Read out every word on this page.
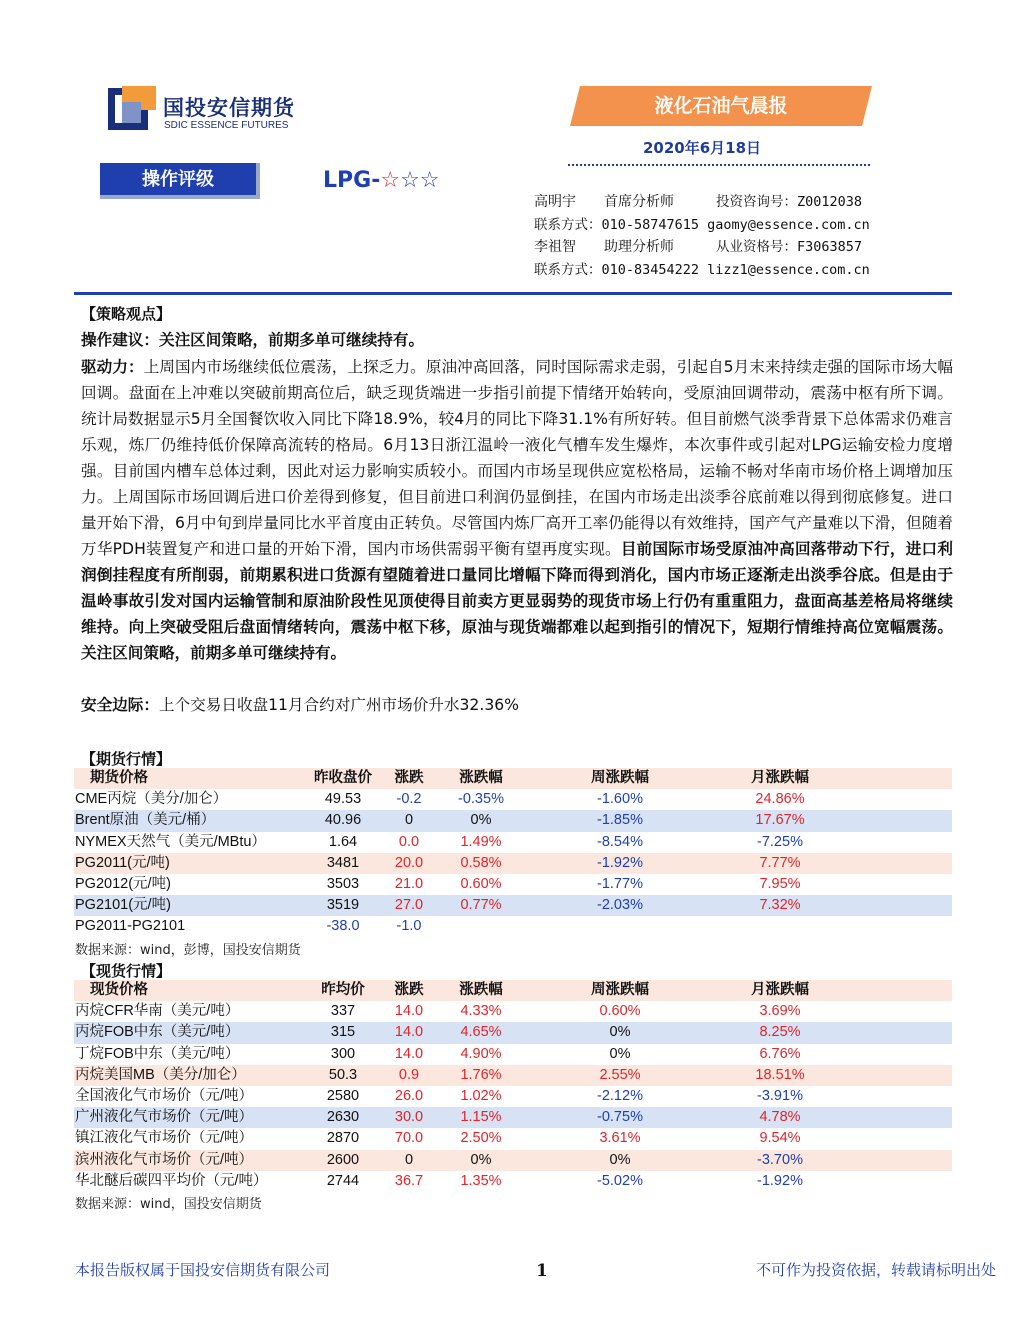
国投安信期货
SDIC ESSENCE FUTURES
液化石油气晨报
2020年6月18日
操作评级	LPG-☆☆☆
高明宇 首席分析师	投资咨询号：Z0012038
联系方式：010-58747615 gaomy@essence.com.cn
李祖智 助理分析师	从业资格号：F3063857
联系方式：010-83454222 lizz1@essence.com.cn
【策略观点】
操作建议：关注区间策略，前期多单可继续持有。
驱动力：上周国内市场继续低位震荡，上探乏力。原油冲高回落，同时国际需求走弱，引起自5月末来持续走强的国际市场大幅回调。盘面在上冲难以突破前期高位后，缺乏现货端进一步指引前提下情绪开始转向，受原油回调带动，震荡中枢有所下调。统计局数据显示5月全国餐饮收入同比下降18.9%，较4月的同比下降31.1%有所好转。但目前燃气淡季背景下总体需求仍难言乐观，炼厂仍维持低价保障高流转的格局。6月13日浙江温岭一液化气槽车发生爆炸，本次事件或引起对LPG运输安检力度增强。目前国内槽车总体过剩，因此对运力影响实质较小。而国内市场呈现供应宽松格局，运输不畅对华南市场价格上调增加压力。上周国际市场回调后进口价差得到修复，但目前进口利润仍显倒挂，在国内市场走出淡季谷底前难以得到彻底修复。进口量开始下滑，6月中旬到岸量同比水平首度由正转负。尽管国内炼厂高开工率仍能得以有效维持，国产气产量难以下滑，但随着万华PDH装置复产和进口量的开始下滑，国内市场供需弱平衡有望再度实现。目前国际市场受原油冲高回落带动下行，进口利润倒挂程度有所削弱，前期累积进口货源有望随着进口量同比增幅下降而得到消化，国内市场正逐渐走出淡季谷底。但是由于温岭事故引发对国内运输管制和原油阶段性见顶使得目前卖方更显弱势的现货市场上行仍有重重阻力，盘面高基差格局将继续维持。向上突破受阻后盘面情绪转向，震荡中枢下移，原油与现货端都难以起到指引的情况下，短期行情维持高位宽幅震荡。关注区间策略，前期多单可继续持有。
安全边际：上个交易日收盘11月合约对广州市场价升水32.36%
【期货行情】
期货价格	昨收盘价	涨跌	涨跌幅	周涨跌幅	月涨跌幅
CME丙烷（美分/加仑）	49.53	-0.2	-0.35%	-1.60%	24.86%
Brent原油（美元/桶）	40.96	0	0%	-1.85%	17.67%
NYMEX天然气（美元/MBtu）	1.64	0.0	1.49%	-8.54%	-7.25%
PG2011(元/吨)	3481	20.0	0.58%	-1.92%	7.77%
PG2012(元/吨)	3503	21.0	0.60%	-1.77%	7.95%
PG2101(元/吨)	3519	27.0	0.77%	-2.03%	7.32%
PG2011-PG2101	-38.0	-1.0
数据来源：wind，彭博，国投安信期货
【现货行情】
现货价格	昨均价	涨跌	涨跌幅	周涨跌幅	月涨跌幅
丙烷CFR华南（美元/吨）	337	14.0	4.33%	0.60%	3.69%
丙烷FOB中东（美元/吨）	315	14.0	4.65%	0%	8.25%
丁烷FOB中东（美元/吨）	300	14.0	4.90%	0%	6.76%
丙烷美国MB（美分/加仑）	50.3	0.9	1.76%	2.55%	18.51%
全国液化气市场价（元/吨）	2580	26.0	1.02%	-2.12%	-3.91%
广州液化气市场价（元/吨）	2630	30.0	1.15%	-0.75%	4.78%
镇江液化气市场价（元/吨）	2870	70.0	2.50%	3.61%	9.54%
滨州液化气市场价（元/吨）	2600	0	0%	0%	-3.70%
华北醚后碳四平均价（元/吨）	2744	36.7	1.35%	-5.02%	-1.92%
数据来源：wind，国投安信期货
本报告版权属于国投安信期货有限公司	1	不可作为投资依据，转载请标明出处
